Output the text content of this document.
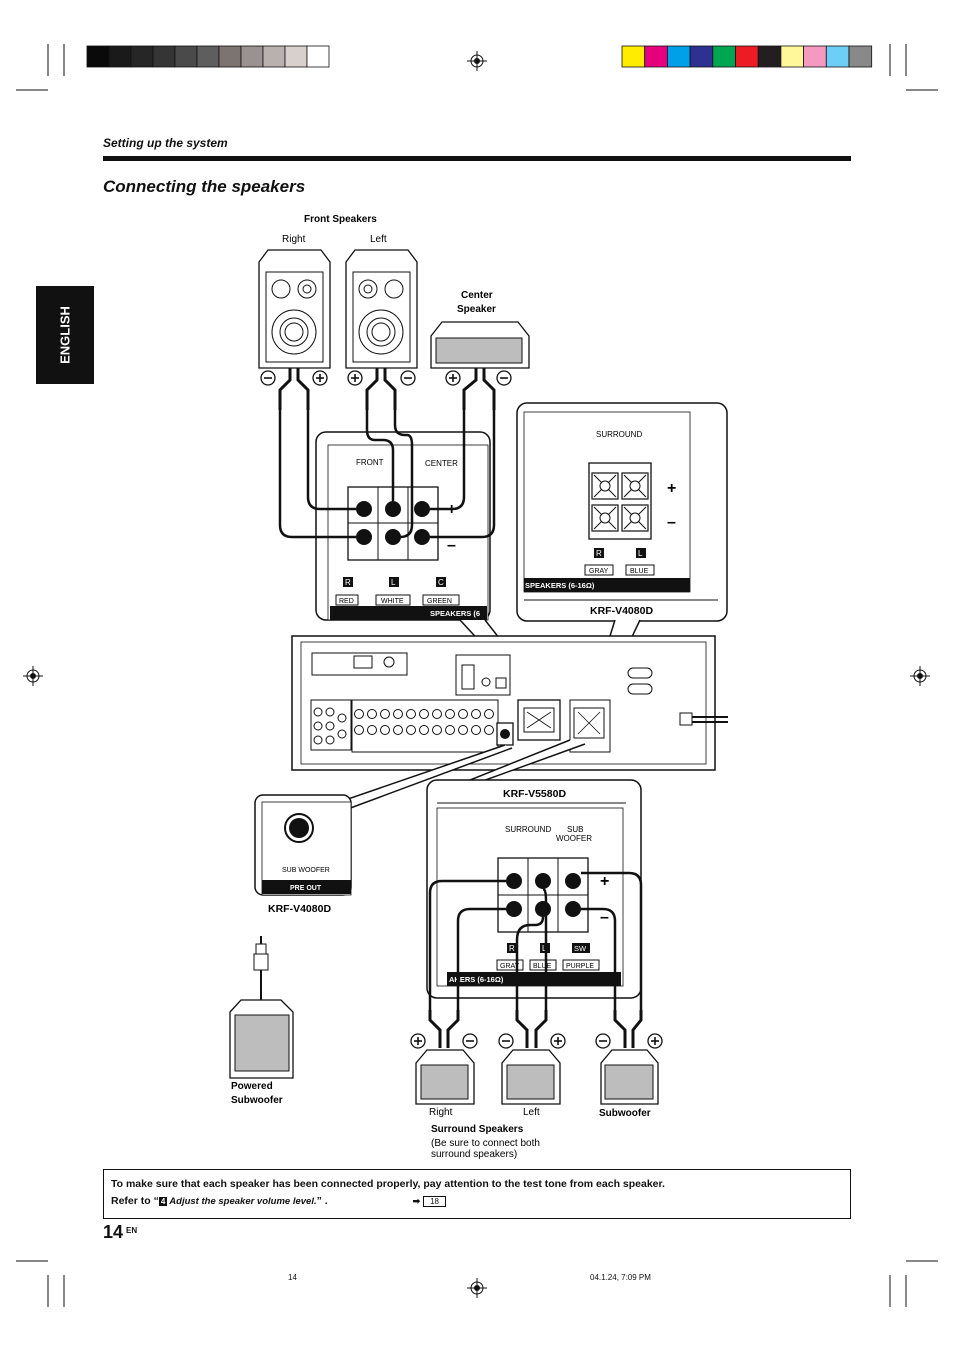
Setting up the system
Connecting the speakers
ENGLISH
Front Speakers
Right	Left
Center
Speaker
FRONT	CENTER
+
–
R	L	C
RED	WHITE	GREEN
SPEAKERS (6
SURROUND
+
–
R	L
GRAY	BLUE
SPEAKERS (6-16Ω)
KRF-V4080D
SUB WOOFER
PRE OUT
KRF-V4080D
Powered
Subwoofer
KRF-V5580D
SURROUND SUB
WOOFER
+
–
R	L	SW
GRAY BLUE PURPLE
AKERS (6-16Ω)
Right	Left	Subwoofer
Surround Speakers
(Be sure to connect both
surround speakers)
To make sure that each speaker has been connected properly, pay attention to the test tone from each speaker.
Refer to “ 4 Adjust the speaker volume level.” .	➡ 18
14 EN
14	04.1.24, 7:09 PM
